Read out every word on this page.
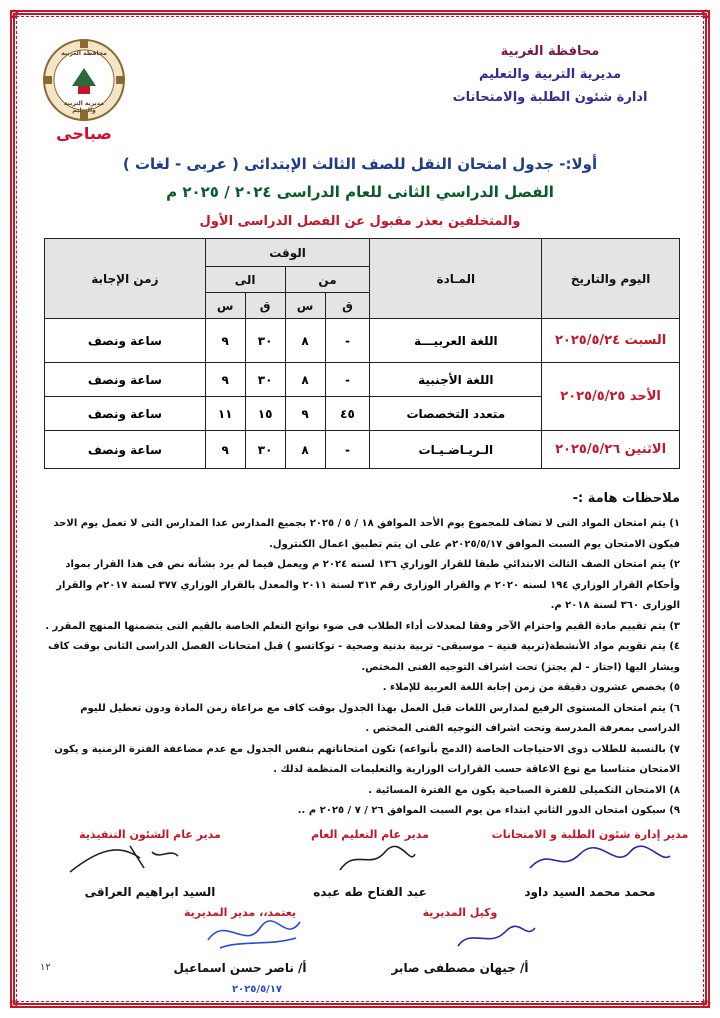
✿	✿
✿	✿
محافظة الغربية
مديرية التربية والتعليم
ادارة شئون الطلبة والامتحانات
محافظة الغربية
مديرية التربية والتعليم
صباحى
أولا:- جدول امتحان النقل للصف الثالث الإبتدائى ( عربى - لغات )
الفصل الدراسي الثانى للعام الدراسى ٢٠٢٤ / ٢٠٢٥ م
والمتخلفين بعذر مقبول عن الفصل الدراسى الأول
اليوم والتاريخ	المـادة	الوقت				زمن الإجابة
		من		الى		
		ق	س	ق	س	
السبت ٢٠٢٥/٥/٢٤	اللغة العربيـــة	-	٨	٣٠	٩	ساعة ونصف
الأحد ٢٠٢٥/٥/٢٥	اللغة الأجنبية	-	٨	٣٠	٩	ساعة ونصف
	متعدد التخصصات	٤٥	٩	١٥	١١	ساعة ونصف
الاثنين ٢٠٢٥/٥/٢٦	الـريـاضـيـات	-	٨	٣٠	٩	ساعة ونصف
ملاحظات هامة :-

١) يتم امتحان المواد التى لا تضاف للمجموع يوم الأحد الموافق ١٨ / ٥ / ٢٠٢٥ بجميع المدارس عدا المدارس التى لا تعمل يوم الاحد فيكون الامتحان يوم السبت الموافق ٢٠٢٥/٥/١٧م على ان يتم تطبيق اعمال الكنترول.

٢) يتم امتحان الصف الثالث الابتدائي طبقا للقرار الوزاري ١٣٦ لسنه ٢٠٢٤ م ويعمل فيما لم يرد بشأنه نص فى هذا القرار بمواد وأحكام القرار الوزاري ١٩٤ لسنه ٢٠٢٠ م والقرار الوزارى رقم ٣١٣ لسنة ٢٠١١ والمعدل بالقرار الوزاري ٣٧٧ لسنة ٢٠١٧م والقرار الوزارى ٣٦٠ لسنة ٢٠١٨ م.

٣) يتم تقييم مادة القيم واحترام الآخر وفقا لمعدلات أداء الطلاب فى ضوء نواتج التعلم الخاصة بالقيم التى يتضمنها المنهج المقرر .

٤) يتم تقويم مواد الأنشطة(تربية فنية – موسيقى- تربية بدنية وصحية - توكاتسو ) قبل امتحانات الفصل الدراسى الثانى بوقت كاف ويشار اليها (اجتاز - لم يجتز) تحت اشراف التوجيه الفنى المختص.

٥) يخصص عشرون دقيقة من زمن إجابة اللغة العربية للإملاء .

٦) يتم امتحان المستوى الرفيع لمدارس اللغات قبل العمل بهذا الجدول بوقت كاف مع مراعاة زمن المادة ودون تعطيل لليوم الدراسى بمعرفة المدرسة وتحت اشراف التوجيه الفنى المختص .

٧) بالنسبة للطلاب ذوى الاحتياجات الخاصة (الدمج بأنواعه) تكون امتحاناتهم بنفس الجدول مع عدم مضاعفة الفترة الزمنية و يكون الامتحان متناسبا مع نوع الاعاقة حسب القرارات الوزارية والتعليمات المنظمة لذلك .

٨) الامتحان التكميلى للفترة الصباحية يكون مع الفترة المسائية .

٩) سيكون امتحان الدور الثاني ابتداء من يوم السبت الموافق ٢٦ / ٧ / ٢٠٢٥ م ..

مدير إدارة شئون الطلبة و الامتحانات
محمد محمد السيد داود
مدير عام التعليم العام
عبد الفتاح طه عبده
مدير عام الشئون التنفيذية
السيد ابراهيم العراقى
وكيل المديرية
أ/ جيهان مصطفى صابر
يعتمد،، مدير المديرية
أ/ ناصر حسن اسماعيل
٢٠٢٥/٥/١٧
١٢
